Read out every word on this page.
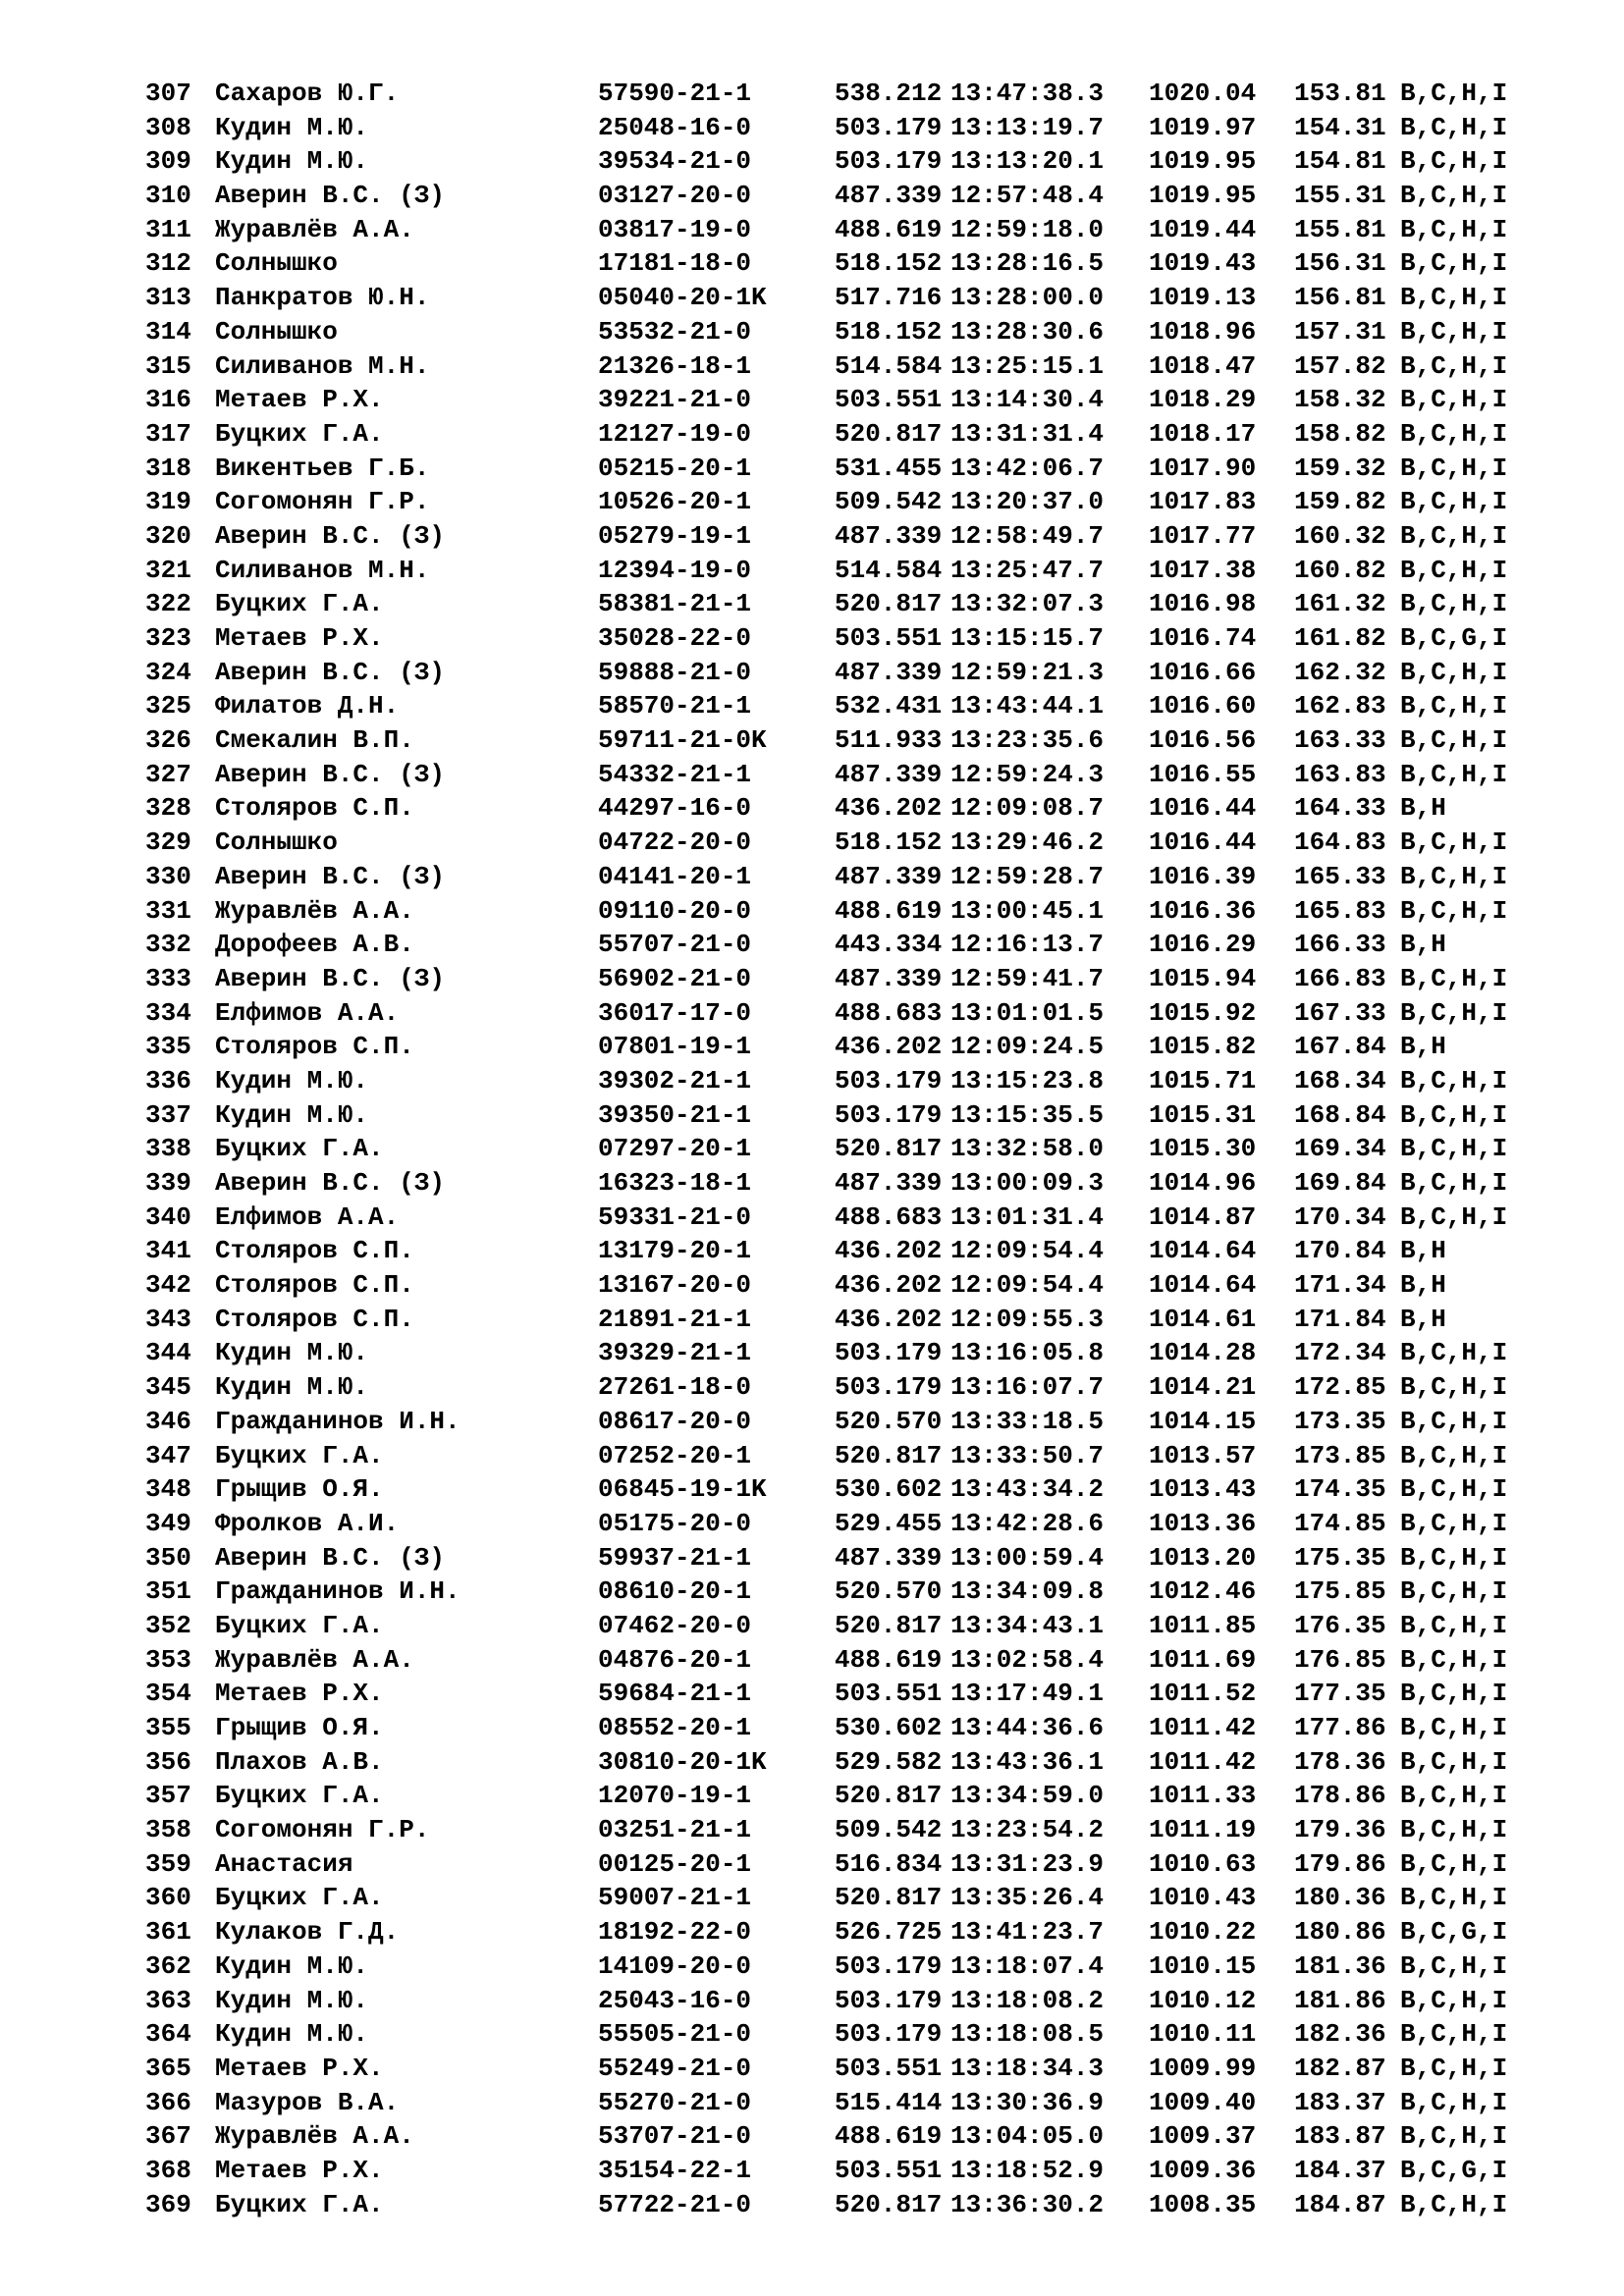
307 Сахаров Ю.Г.	57590-21-1	538.212 13:47:38.3	1020.04	153.81 B,C,H,I
308 Кудин М.Ю.	25048-16-0	503.179 13:13:19.7	1019.97	154.31 B,C,H,I
309 Кудин М.Ю.	39534-21-0	503.179 13:13:20.1	1019.95	154.81 B,C,H,I
310 Аверин В.С. (З)	03127-20-0	487.339 12:57:48.4	1019.95	155.31 B,C,H,I
311 Журавлёв А.А.	03817-19-0	488.619 12:59:18.0	1019.44	155.81 B,C,H,I
312 Солнышко	17181-18-0	518.152 13:28:16.5	1019.43	156.31 B,C,H,I
313 Панкратов Ю.Н.	05040-20-1K	517.716 13:28:00.0	1019.13	156.81 B,C,H,I
314 Солнышко	53532-21-0	518.152 13:28:30.6	1018.96	157.31 B,C,H,I
315 Силиванов М.Н.	21326-18-1	514.584 13:25:15.1	1018.47	157.82 B,C,H,I
316 Метаев Р.Х.	39221-21-0	503.551 13:14:30.4	1018.29	158.32 B,C,H,I
317 Буцких Г.А.	12127-19-0	520.817 13:31:31.4	1018.17	158.82 B,C,H,I
318 Викентьев Г.Б.	05215-20-1	531.455 13:42:06.7	1017.90	159.32 B,C,H,I
319 Согомонян Г.Р.	10526-20-1	509.542 13:20:37.0	1017.83	159.82 B,C,H,I
320 Аверин В.С. (З)	05279-19-1	487.339 12:58:49.7	1017.77	160.32 B,C,H,I
321 Силиванов М.Н.	12394-19-0	514.584 13:25:47.7	1017.38	160.82 B,C,H,I
322 Буцких Г.А.	58381-21-1	520.817 13:32:07.3	1016.98	161.32 B,C,H,I
323 Метаев Р.Х.	35028-22-0	503.551 13:15:15.7	1016.74	161.82 B,C,G,I
324 Аверин В.С. (З)	59888-21-0	487.339 12:59:21.3	1016.66	162.32 B,C,H,I
325 Филатов Д.Н.	58570-21-1	532.431 13:43:44.1	1016.60	162.83 B,C,H,I
326 Смекалин В.П.	59711-21-0K	511.933 13:23:35.6	1016.56	163.33 B,C,H,I
327 Аверин В.С. (З)	54332-21-1	487.339 12:59:24.3	1016.55	163.83 B,C,H,I
328 Столяров С.П.	44297-16-0	436.202 12:09:08.7	1016.44	164.33 B,H
329 Солнышко	04722-20-0	518.152 13:29:46.2	1016.44	164.83 B,C,H,I
330 Аверин В.С. (З)	04141-20-1	487.339 12:59:28.7	1016.39	165.33 B,C,H,I
331 Журавлёв А.А.	09110-20-0	488.619 13:00:45.1	1016.36	165.83 B,C,H,I
332 Дорофеев А.В.	55707-21-0	443.334 12:16:13.7	1016.29	166.33 B,H
333 Аверин В.С. (З)	56902-21-0	487.339 12:59:41.7	1015.94	166.83 B,C,H,I
334 Елфимов А.А.	36017-17-0	488.683 13:01:01.5	1015.92	167.33 B,C,H,I
335 Столяров С.П.	07801-19-1	436.202 12:09:24.5	1015.82	167.84 B,H
336 Кудин М.Ю.	39302-21-1	503.179 13:15:23.8	1015.71	168.34 B,C,H,I
337 Кудин М.Ю.	39350-21-1	503.179 13:15:35.5	1015.31	168.84 B,C,H,I
338 Буцких Г.А.	07297-20-1	520.817 13:32:58.0	1015.30	169.34 B,C,H,I
339 Аверин В.С. (З)	16323-18-1	487.339 13:00:09.3	1014.96	169.84 B,C,H,I
340 Елфимов А.А.	59331-21-0	488.683 13:01:31.4	1014.87	170.34 B,C,H,I
341 Столяров С.П.	13179-20-1	436.202 12:09:54.4	1014.64	170.84 B,H
342 Столяров С.П.	13167-20-0	436.202 12:09:54.4	1014.64	171.34 B,H
343 Столяров С.П.	21891-21-1	436.202 12:09:55.3	1014.61	171.84 B,H
344 Кудин М.Ю.	39329-21-1	503.179 13:16:05.8	1014.28	172.34 B,C,H,I
345 Кудин М.Ю.	27261-18-0	503.179 13:16:07.7	1014.21	172.85 B,C,H,I
346 Гражданинов И.Н.	08617-20-0	520.570 13:33:18.5	1014.15	173.35 B,C,H,I
347 Буцких Г.А.	07252-20-1	520.817 13:33:50.7	1013.57	173.85 B,C,H,I
348 Грыщив О.Я.	06845-19-1K	530.602 13:43:34.2	1013.43	174.35 B,C,H,I
349 Фролков А.И.	05175-20-0	529.455 13:42:28.6	1013.36	174.85 B,C,H,I
350 Аверин В.С. (З)	59937-21-1	487.339 13:00:59.4	1013.20	175.35 B,C,H,I
351 Гражданинов И.Н.	08610-20-1	520.570 13:34:09.8	1012.46	175.85 B,C,H,I
352 Буцких Г.А.	07462-20-0	520.817 13:34:43.1	1011.85	176.35 B,C,H,I
353 Журавлёв А.А.	04876-20-1	488.619 13:02:58.4	1011.69	176.85 B,C,H,I
354 Метаев Р.Х.	59684-21-1	503.551 13:17:49.1	1011.52	177.35 B,C,H,I
355 Грыщив О.Я.	08552-20-1	530.602 13:44:36.6	1011.42	177.86 B,C,H,I
356 Плахов А.В.	30810-20-1K	529.582 13:43:36.1	1011.42	178.36 B,C,H,I
357 Буцких Г.А.	12070-19-1	520.817 13:34:59.0	1011.33	178.86 B,C,H,I
358 Согомонян Г.Р.	03251-21-1	509.542 13:23:54.2	1011.19	179.36 B,C,H,I
359 Анастасия	00125-20-1	516.834 13:31:23.9	1010.63	179.86 B,C,H,I
360 Буцких Г.А.	59007-21-1	520.817 13:35:26.4	1010.43	180.36 B,C,H,I
361 Кулаков Г.Д.	18192-22-0	526.725 13:41:23.7	1010.22	180.86 B,C,G,I
362 Кудин М.Ю.	14109-20-0	503.179 13:18:07.4	1010.15	181.36 B,C,H,I
363 Кудин М.Ю.	25043-16-0	503.179 13:18:08.2	1010.12	181.86 B,C,H,I
364 Кудин М.Ю.	55505-21-0	503.179 13:18:08.5	1010.11	182.36 B,C,H,I
365 Метаев Р.Х.	55249-21-0	503.551 13:18:34.3	1009.99	182.87 B,C,H,I
366 Мазуров В.А.	55270-21-0	515.414 13:30:36.9	1009.40	183.37 B,C,H,I
367 Журавлёв А.А.	53707-21-0	488.619 13:04:05.0	1009.37	183.87 B,C,H,I
368 Метаев Р.Х.	35154-22-1	503.551 13:18:52.9	1009.36	184.37 B,C,G,I
369 Буцких Г.А.	57722-21-0	520.817 13:36:30.2	1008.35	184.87 B,C,H,I
